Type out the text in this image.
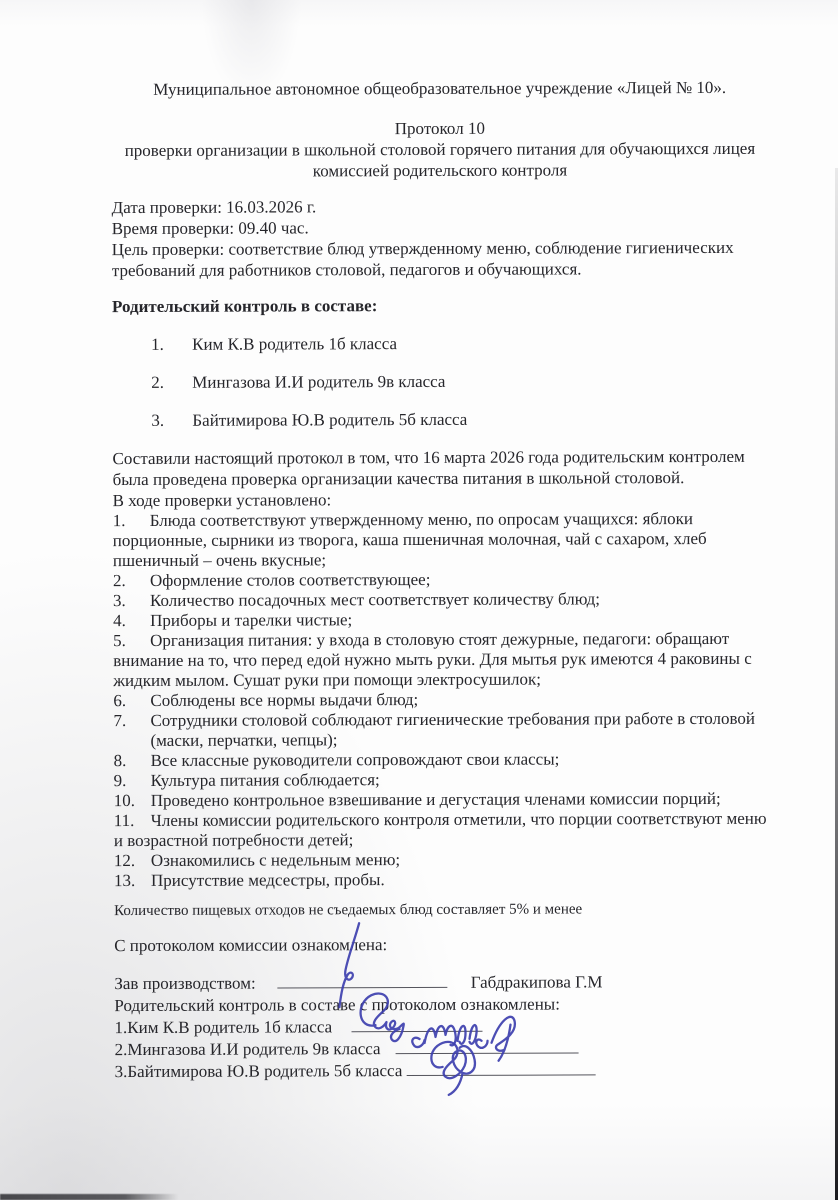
Муниципальное автономное общеобразовательное учреждение «Лицей № 10».
Протокол 10
проверки организации в школьной столовой горячего питания для обучающихся лицея
комиссией родительского контроля
Дата проверки: 16.03.2026 г.
Время проверки: 09.40 час.
Цель проверки: соответствие блюд утвержденному меню, соблюдение гигиенических требований для работников столовой, педагогов и обучающихся.
Родительский контроль в составе:

1. Ким К.В родитель 1б класса

2. Мингазова И.И родитель 9в класса

3. Байтимирова Ю.В родитель 5б класса

Составили настоящий протокол в том, что 16 марта 2026 года родительским контролем была проведена проверка организации качества питания в школьной столовой.

В ходе проверки установлено:

1. Блюда соответствуют утвержденному меню, по опросам учащихся: яблоки порционные, сырники из творога, каша пшеничная молочная, чай с сахаром, хлеб пшеничный – очень вкусные;

2. Оформление столов соответствующее;

3. Количество посадочных мест соответствует количеству блюд;

4. Приборы и тарелки чистые;

5. Организация питания: у входа в столовую стоят дежурные, педагоги: обращают внимание на то, что перед едой нужно мыть руки. Для мытья рук имеются 4 раковины с жидким мылом. Сушат руки при помощи электросушилок;

6. Соблюдены все нормы выдачи блюд;

7. Сотрудники столовой соблюдают гигиенические требования при работе в столовой (маски, перчатки, чепцы);

8. Все классные руководители сопровождают свои классы;

9. Культура питания соблюдается;

10. Проведено контрольное взвешивание и дегустация членами комиссии порций;

11. Члены комиссии родительского контроля отметили, что порции соответствуют меню и возрастной потребности детей;

12. Ознакомились с недельным меню;

13. Присутствие медсестры, пробы.

Количество пищевых отходов не съедаемых блюд составляет 5% и менее
С протоколом комиссии ознакомлена:
Зав производством:	Габдракипова Г.М
Родительский контроль в составе с протоколом ознакомлены:
1.Ким К.В родитель 1б класса
2.Мингазова И.И родитель 9в класса
3.Байтимирова Ю.В родитель 5б класса
